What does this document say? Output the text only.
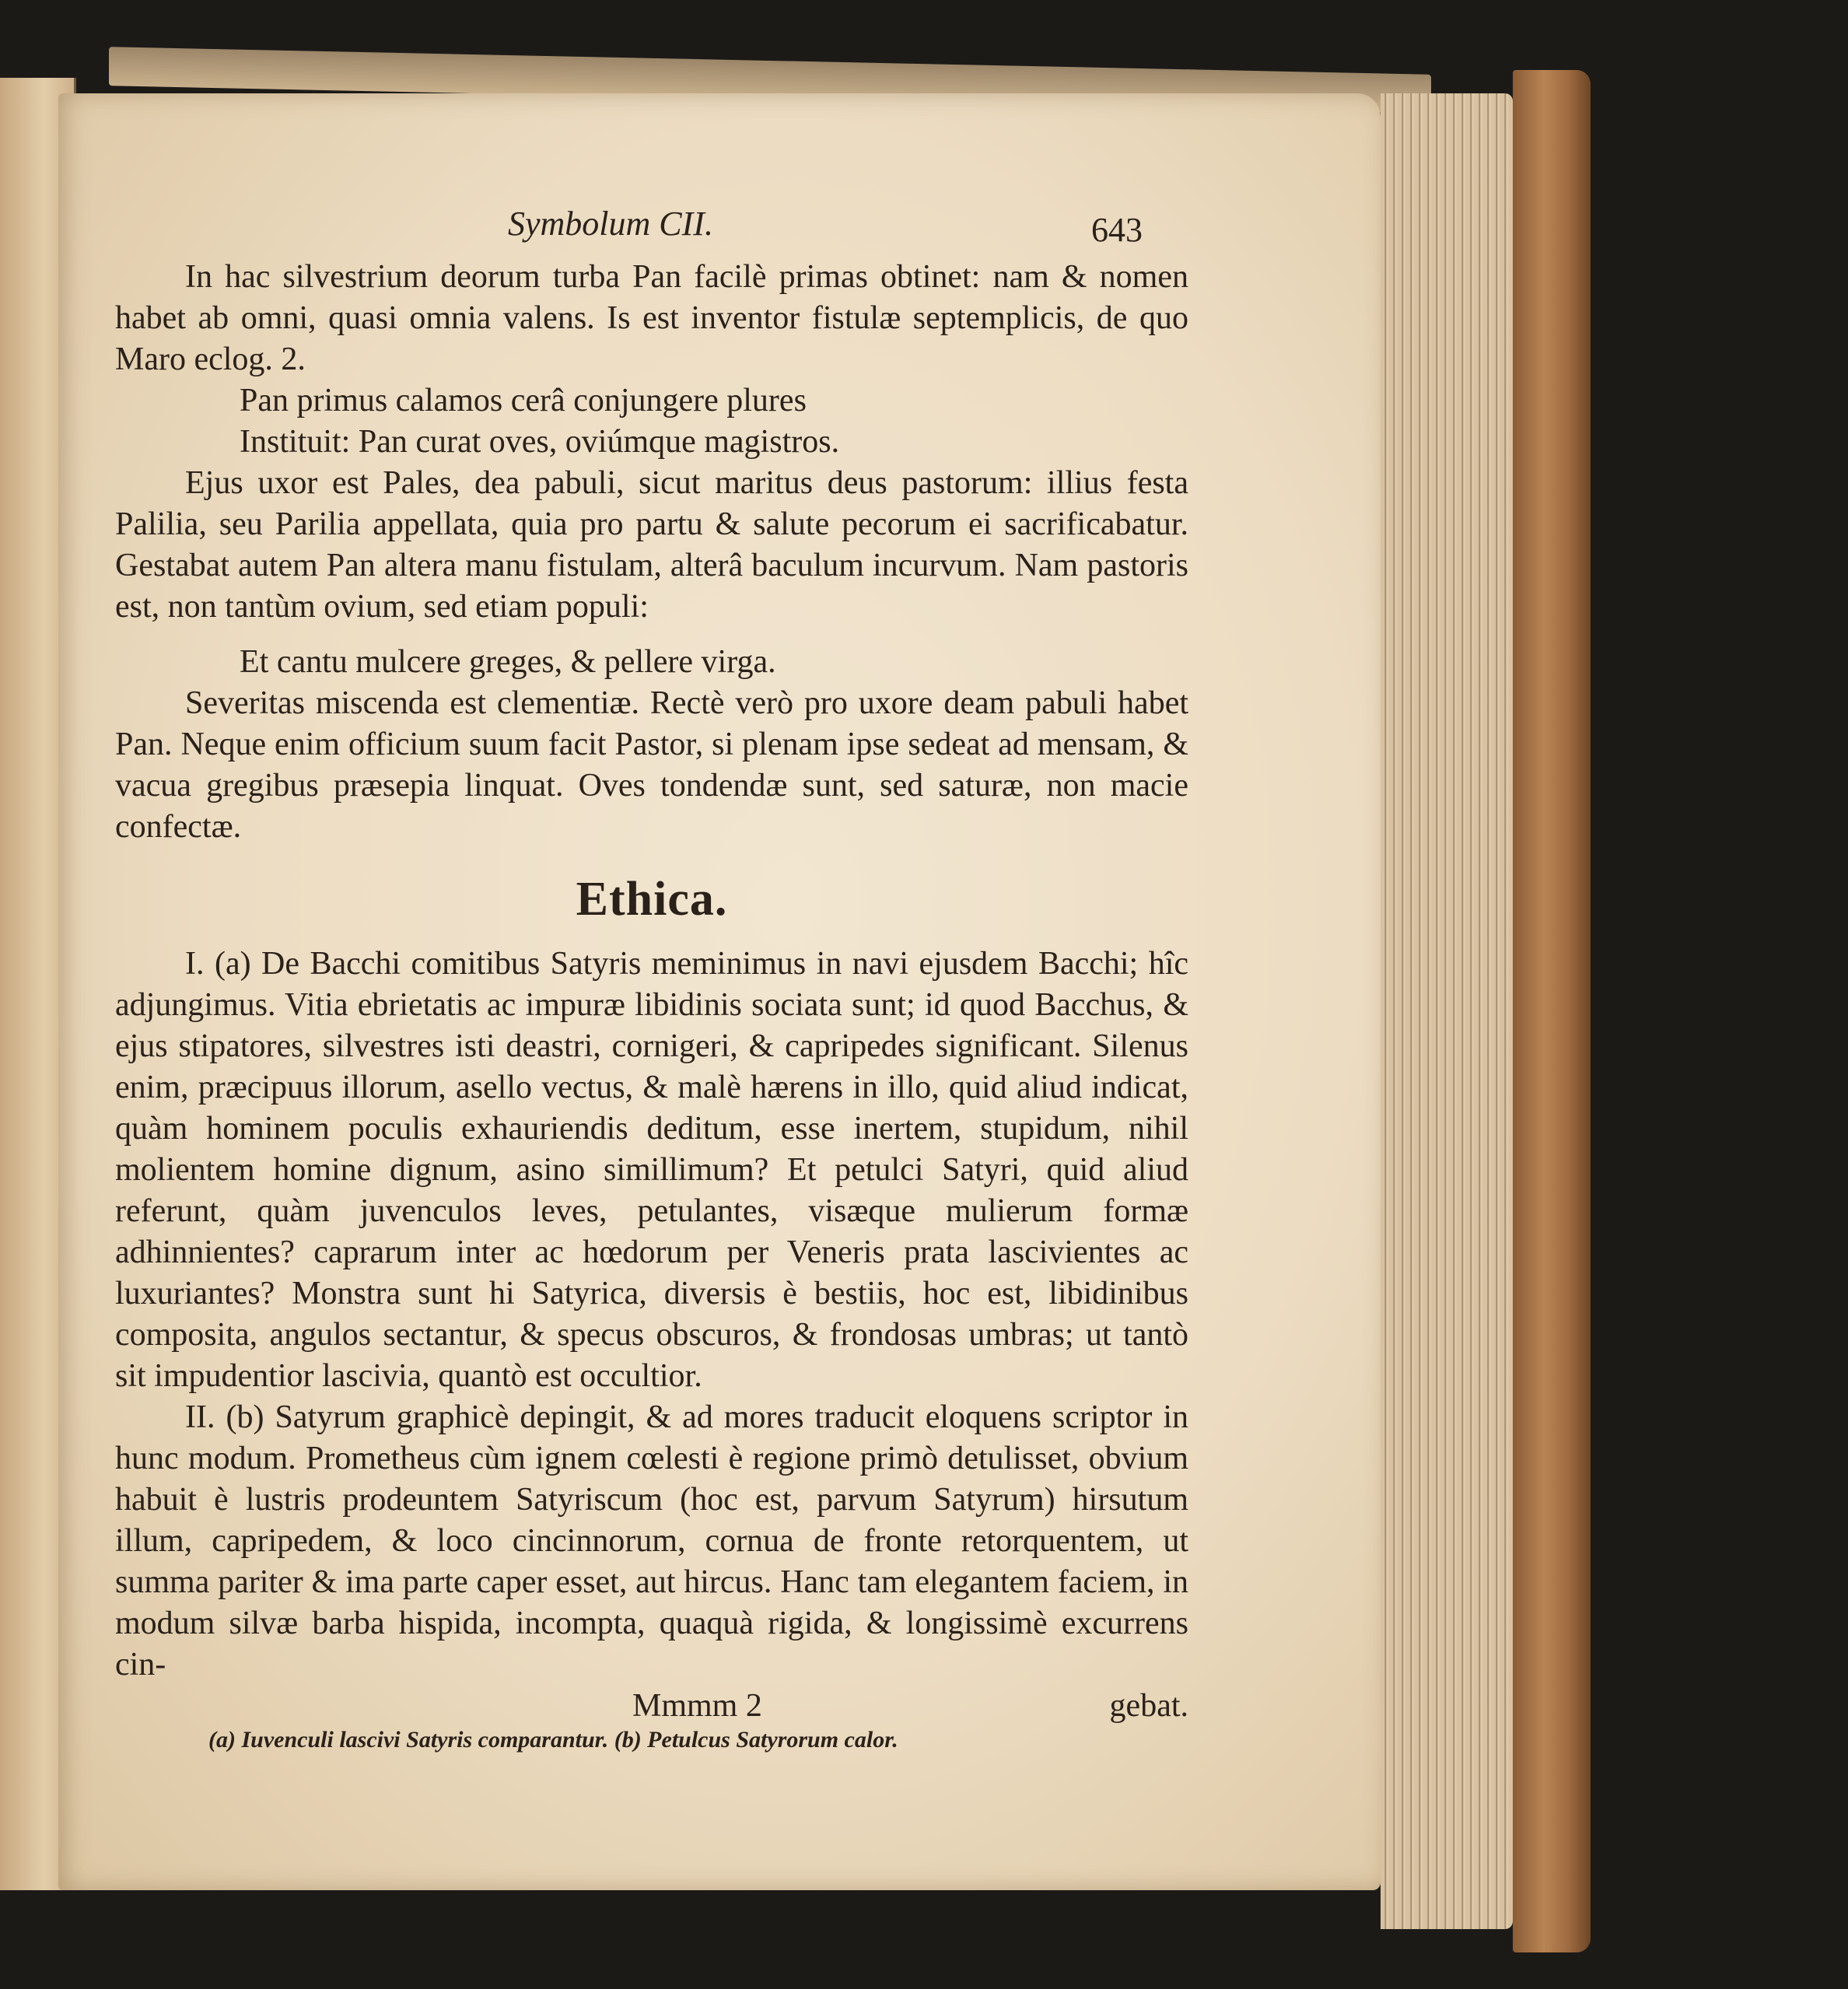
Symbolum CII.	643

In hac silvestrium deorum turba Pan facilè primas obtinet: nam & nomen habet ab omni, quasi omnia valens. Is est inventor fistulæ septemplicis, de quo Maro eclog. 2.

Pan primus calamos cerâ conjungere plures

Instituit: Pan curat oves, oviúmque magistros.

Ejus uxor est Pales, dea pabuli, sicut maritus deus pastorum: illius festa Palilia, seu Parilia appellata, quia pro partu & salute pecorum ei sacrificabatur. Gestabat autem Pan altera manu fistulam, alterâ baculum incurvum. Nam pastoris est, non tantùm ovium, sed etiam populi:

Et cantu mulcere greges, & pellere virga.

Severitas miscenda est clementiæ. Rectè verò pro uxore deam pabuli habet Pan. Neque enim officium suum facit Pastor, si plenam ipse sedeat ad mensam, & vacua gregibus præsepia linquat. Oves tondendæ sunt, sed saturæ, non macie confectæ.

Ethica.

I. (a) De Bacchi comitibus Satyris meminimus in navi ejusdem Bacchi; hîc adjungimus. Vitia ebrietatis ac impuræ libidinis sociata sunt; id quod Bacchus, & ejus stipatores, silvestres isti deastri, cornigeri, & capripedes significant. Silenus enim, præcipuus illorum, asello vectus, & malè hærens in illo, quid aliud indicat, quàm hominem poculis exhauriendis deditum, esse inertem, stupidum, nihil molientem homine dignum, asino simillimum? Et petulci Satyri, quid aliud referunt, quàm juvenculos leves, petulantes, visæque mulierum formæ adhinnientes? caprarum inter ac hœdorum per Veneris prata lascivientes ac luxuriantes? Monstra sunt hi Satyrica, diversis è bestiis, hoc est, libidinibus composita, angulos sectantur, & specus obscuros, & frondosas umbras; ut tantò sit impudentior lascivia, quantò est occultior.

II. (b) Satyrum graphicè depingit, & ad mores traducit eloquens scriptor in hunc modum. Prometheus cùm ignem cœlesti è regione primò detulisset, obvium habuit è lustris prodeuntem Satyriscum (hoc est, parvum Satyrum) hirsutum illum, capripedem, & loco cincinnorum, cornua de fronte retorquentem, ut summa pariter & ima parte caper esset, aut hircus. Hanc tam elegantem faciem, in modum silvæ barba hispida, incompta, quaquà rigida, & longissimè excurrens cin-

Mmmm 2	gebat.
(a) Iuvenculi lascivi Satyris comparantur. (b) Petulcus Satyrorum calor.
